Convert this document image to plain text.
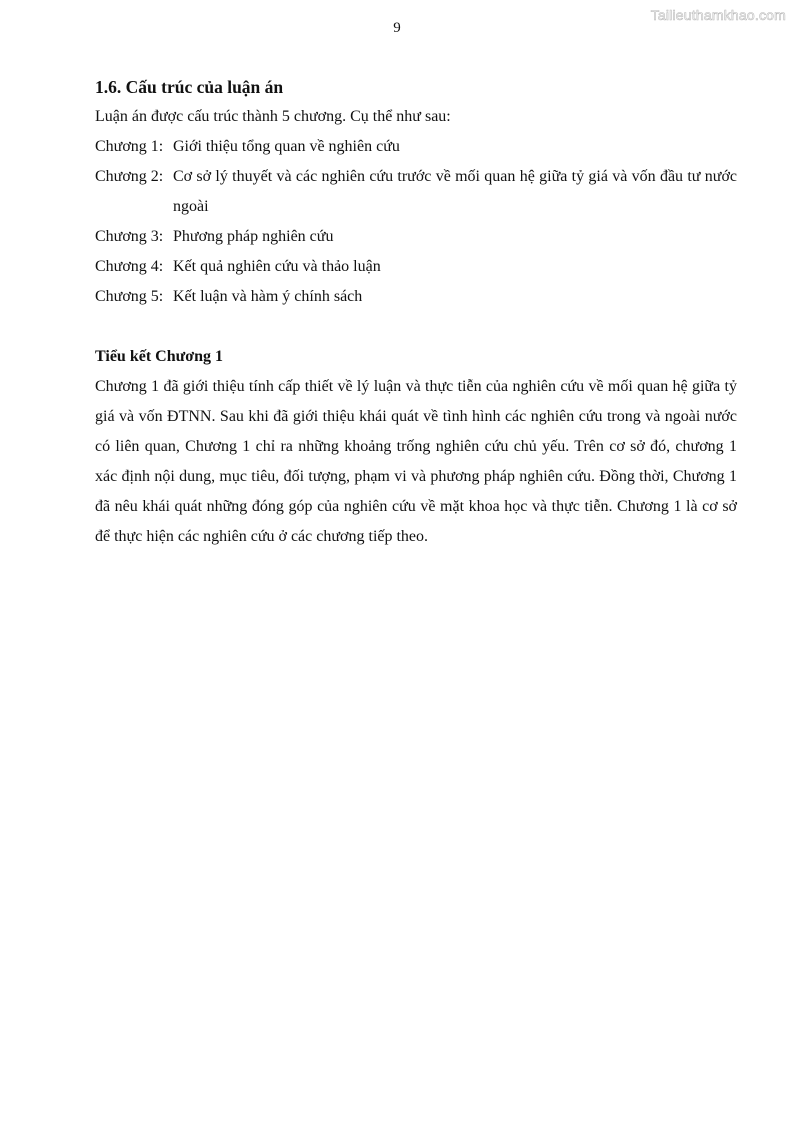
Tailieuthamkhao.com
9
1.6. Cấu trúc của luận án

Luận án được cấu trúc thành 5 chương. Cụ thể như sau:

Chương 1: Giới thiệu tổng quan về nghiên cứu
Chương 2: Cơ sở lý thuyết và các nghiên cứu trước về mối quan hệ giữa tỷ giá và vốn đầu tư nước ngoài
Chương 3: Phương pháp nghiên cứu
Chương 4: Kết quả nghiên cứu và thảo luận
Chương 5: Kết luận và hàm ý chính sách
Tiểu kết Chương 1

Chương 1 đã giới thiệu tính cấp thiết về lý luận và thực tiễn của nghiên cứu về mối quan hệ giữa tỷ giá và vốn ĐTNN. Sau khi đã giới thiệu khái quát về tình hình các nghiên cứu trong và ngoài nước có liên quan, Chương 1 chỉ ra những khoảng trống nghiên cứu chủ yếu. Trên cơ sở đó, chương 1 xác định nội dung, mục tiêu, đối tượng, phạm vi và phương pháp nghiên cứu. Đồng thời, Chương 1 đã nêu khái quát những đóng góp của nghiên cứu về mặt khoa học và thực tiễn. Chương 1 là cơ sở để thực hiện các nghiên cứu ở các chương tiếp theo.
